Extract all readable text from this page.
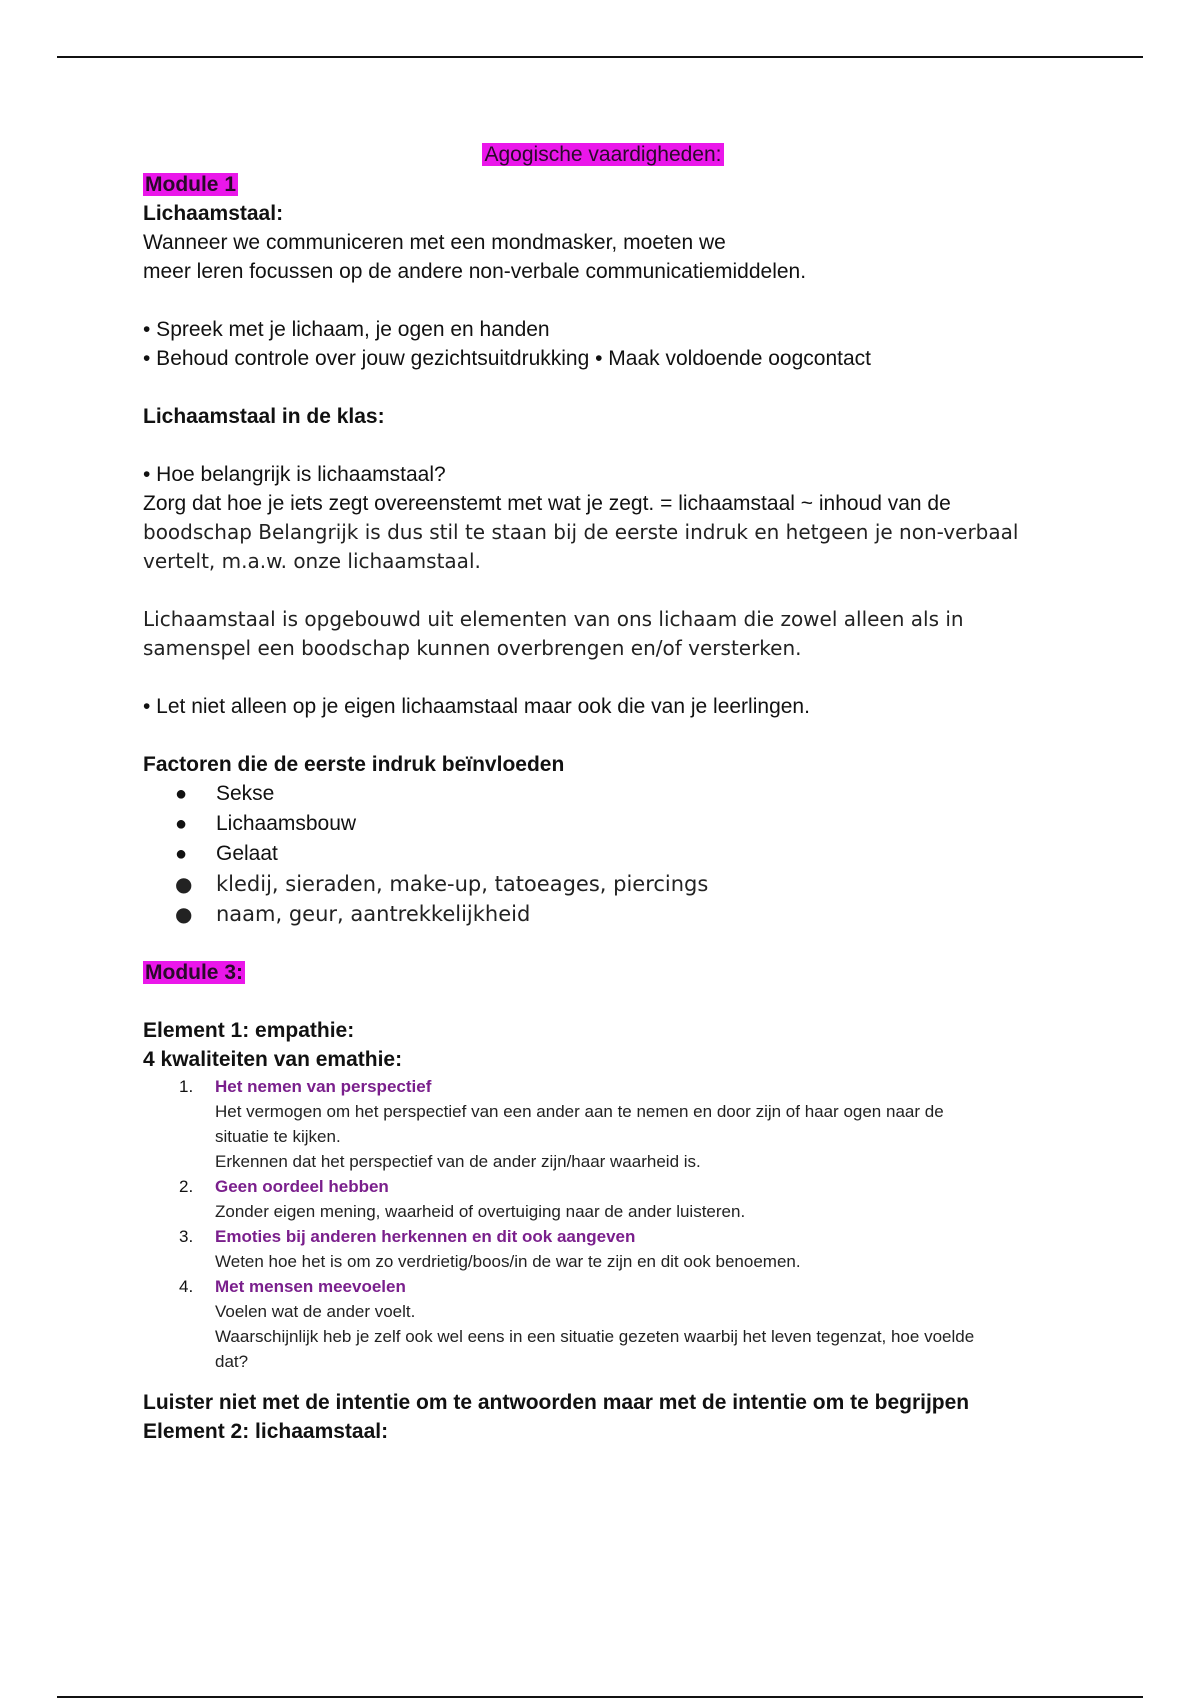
Agogische vaardigheden:

Module 1

Lichaamstaal:

Wanneer we communiceren met een mondmasker, moeten we

meer leren focussen op de andere non-verbale communicatiemiddelen.

• Spreek met je lichaam, je ogen en handen

• Behoud controle over jouw gezichtsuitdrukking • Maak voldoende oogcontact

Lichaamstaal in de klas:

• Hoe belangrijk is lichaamstaal?

Zorg dat hoe je iets zegt overeenstemt met wat je zegt. = lichaamstaal ~ inhoud van de

boodschap Belangrijk is dus stil te staan bij de eerste indruk en hetgeen je non-verbaal

vertelt, m.a.w. onze lichaamstaal.

Lichaamstaal is opgebouwd uit elementen van ons lichaam die zowel alleen als in

samenspel een boodschap kunnen overbrengen en/of versterken.

• Let niet alleen op je eigen lichaamstaal maar ook die van je leerlingen.

Factoren die de eerste indruk beïnvloeden

● Sekse
● Lichaamsbouw
● Gelaat
● kledij, sieraden, make-up, tatoeages, piercings
● naam, geur, aantrekkelijkheid

Module 3:

Element 1: empathie:

4 kwaliteiten van emathie:

1. Het nemen van perspectief
Het vermogen om het perspectief van een ander aan te nemen en door zijn of haar ogen naar de
situatie te kijken.
Erkennen dat het perspectief van de ander zijn/haar waarheid is.
2. Geen oordeel hebben
Zonder eigen mening, waarheid of overtuiging naar de ander luisteren.
3. Emoties bij anderen herkennen en dit ook aangeven
Weten hoe het is om zo verdrietig/boos/in de war te zijn en dit ook benoemen.
4. Met mensen meevoelen
Voelen wat de ander voelt.
Waarschijnlijk heb je zelf ook wel eens in een situatie gezeten waarbij het leven tegenzat, hoe voelde
dat?

Luister niet met de intentie om te antwoorden maar met de intentie om te begrijpen

Element 2: lichaamstaal:
